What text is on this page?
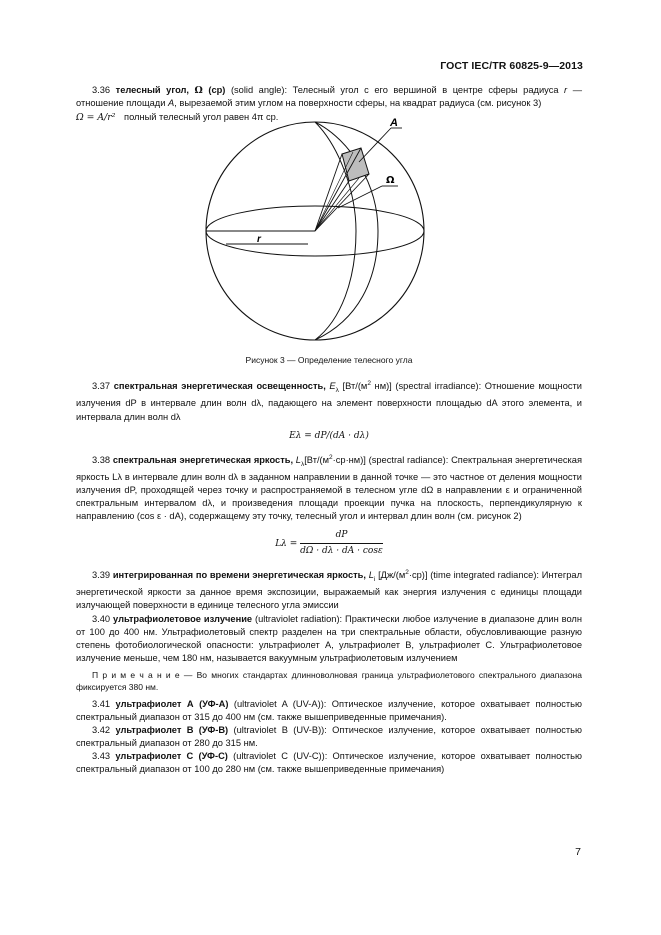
ГОСТ IEC/TR 60825-9—2013

3.36 телесный угол, Ω (ср) (solid angle): Телесный угол с его вершиной в центре сферы радиуса r — отношение площади A, вырезаемой этим углом на поверхности сферы, на квадрат радиуса (см. рисунок 3)

Ω = A/r² полный телесный угол равен 4π ср.
A
Ω
r
Рисунок 3 — Определение телесного угла

3.37 спектральная энергетическая освещенность, $E_\lambda$ [$Вт/(м^2$ нм)] (spectral irradiance): Отношение мощности излучения dP в интервале длин волн dλ, падающего на элемент поверхности площадью dA этого элемента, и интервала длин волн dλ

Eλ = dP/(dA · dλ)

3.38 спектральная энергетическая яркость, $L_\lambda[Вт/(м^2\cdot ср\cdot нм)]$ (spectral radiance): Спектральная энергетическая яркость Lλ в интервале длин волн dλ в заданном направлении в данной точке — это частное от деления мощности излучения dP, проходящей через точку и распространяемой в телесном угле dΩ в направлении ε и ограниченной спектральным интервалом dλ, и произведения площади проекции пучка на плоскость, перпендикулярную к направлению (cos ε · dA), содержащему эту точку, телесный угол и интервал длин волн (см. рисунок 2)

$L\lambda = \frac{dP}{d\Omega \cdot d\lambda \cdot dA \cdot \cos\varepsilon}$

3.39 интегрированная по времени энергетическая яркость, $L_i$ $[Дж/(м^2\cdot ср)]$ (time integrated radiance): Интеграл энергетической яркости за данное время экспозиции, выражаемый как энергия излучения с единицы площади излучающей поверхности в единице телесного угла эмиссии

3.40 ультрафиолетовое излучение (ultraviolet radiation): Практически любое излучение в диапазоне длин волн от 100 до 400 нм. Ультрафиолетовый спектр разделен на три спектральные области, обусловливающие разную степень фотобиологической опасности: ультрафиолет А, ультрафиолет В, ультрафиолет С. Ультрафиолетовое излучение меньше, чем 180 нм, называется вакуумным ультрафиолетовым излучением

П р и м е ч а н и е — Во многих стандартах длинноволновая граница ультрафиолетового спектрального диапазона фиксируется 380 нм.

3.41 ультрафиолет А (УФ-А) (ultraviolet A (UV-A)): Оптическое излучение, которое охватывает полностью спектральный диапазон от 315 до 400 нм (см. также вышеприведенные примечания).

3.42 ультрафиолет В (УФ-В) (ultraviolet B (UV-B)): Оптическое излучение, которое охватывает полностью спектральный диапазон от 280 до 315 нм.

3.43 ультрафиолет С (УФ-С) (ultraviolet C (UV-C)): Оптическое излучение, которое охватывает полностью спектральный диапазон от 100 до 280 нм (см. также вышеприведенные примечания)

7
